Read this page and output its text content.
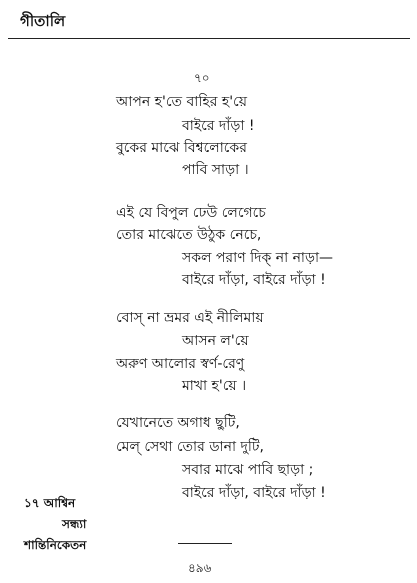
গীতালি
৭০
আপন হ'তে বাহির হ'য়ে
বাইরে দাঁড়া !
বুকের মাঝে বিশ্বলোকের
পাবি সাড়া ।
এই যে বিপুল ঢেউ লেগেচে
তোর মাঝেতে উঠুক নেচে,
সকল পরাণ দিক্ না নাড়া—
বাইরে দাঁড়া, বাইরে দাঁড়া !
বোস্ না ভ্রমর এই নীলিমায়
আসন ল'য়ে
অরুণ আলোর স্বর্ণ-রেণু
মাখা হ'য়ে ।
যেখানেতে অগাধ ছুটি,
মেল্ সেথা তোর ডানা দুটি,
সবার মাঝে পাবি ছাড়া ;
বাইরে দাঁড়া, বাইরে দাঁড়া !
১৭ আশ্বিন
সন্ধ্যা
শান্তিনিকেতন
৪৯৬
